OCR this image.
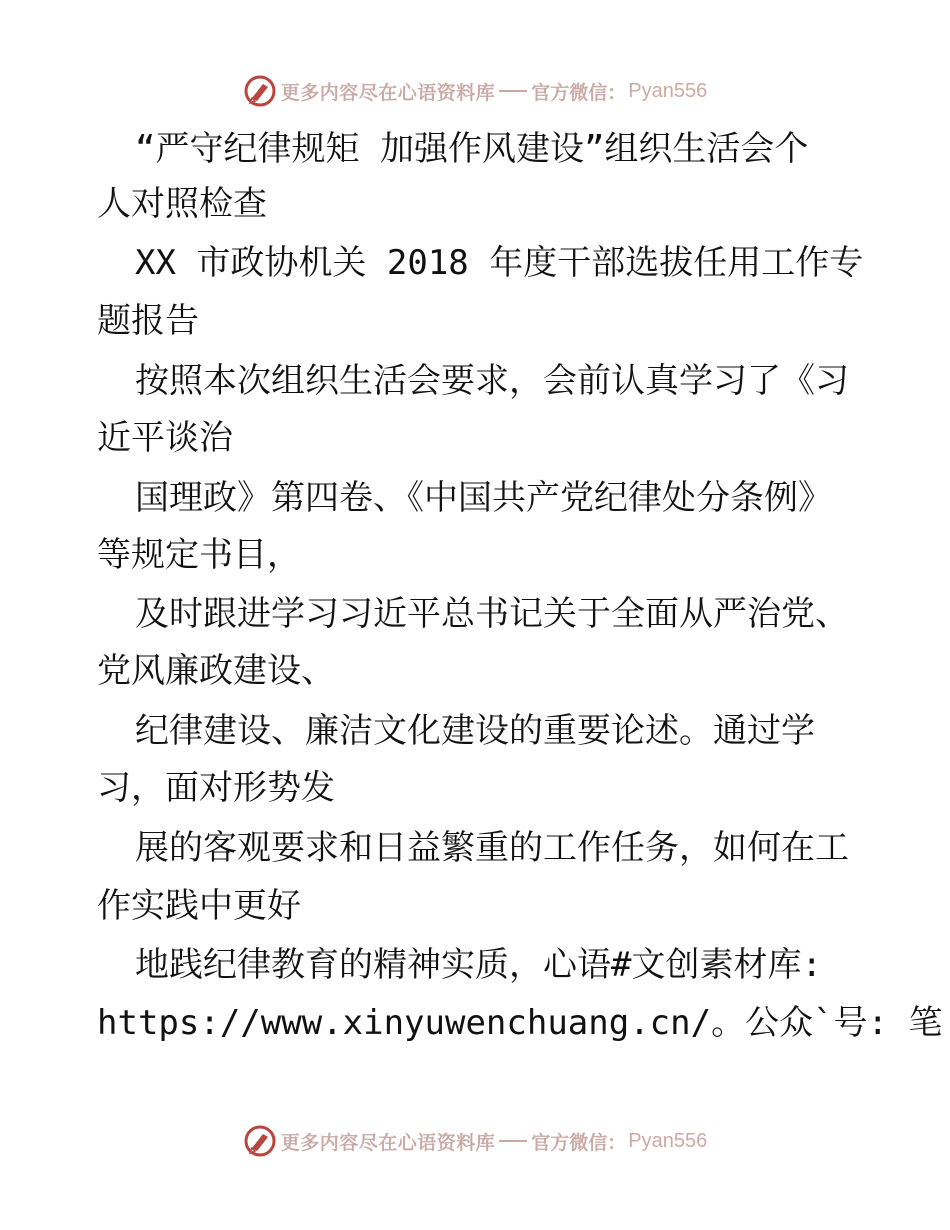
更多内容尽在心语资料库 官方微信： Pyan556
“严守纪律规矩 加强作风建设”组织生活会个
人对照检查
XX 市政协机关 2018 年度干部选拔任用工作专
题报告
按照本次组织生活会要求，会前认真学习了《习
近平谈治
国理政》第四卷、《中国共产党纪律处分条例》
等规定书目，
及时跟进学习习近平总书记关于全面从严治党、
党风廉政建设、
纪律建设、廉洁文化建设的重要论述。通过学
习，面对形势发
展的客观要求和日益繁重的工作任务，如何在工
作实践中更好
地践纪律教育的精神实质，心语#文创素材库:
https://www.xinyuwenchuang.cn/。公众`号: 笔
更多内容尽在心语资料库 官方微信： Pyan556
